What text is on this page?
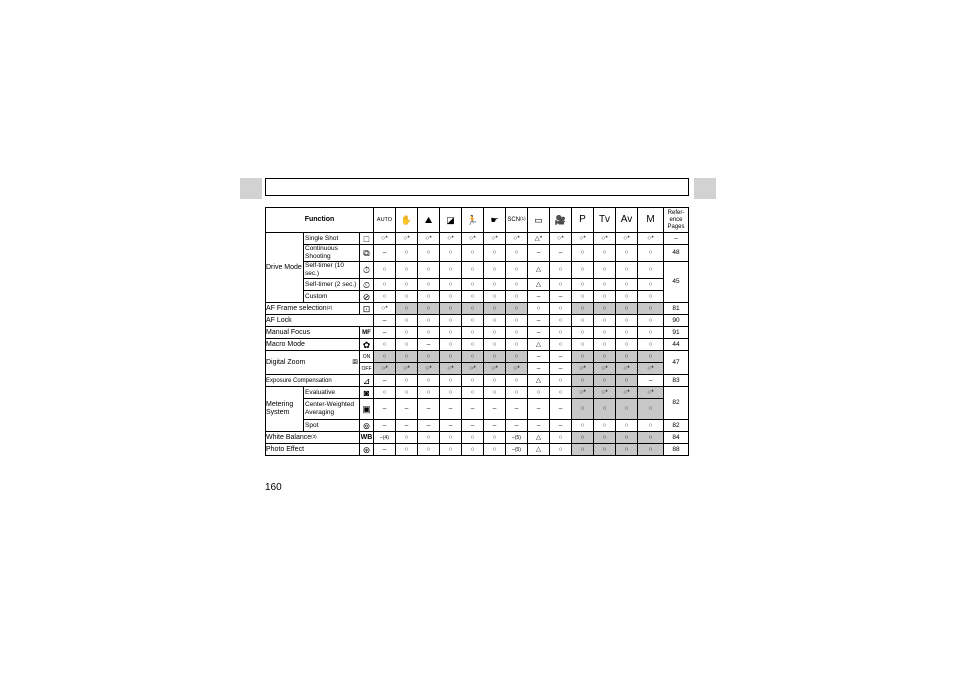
Function			AUTO	✋	⛰	◪	🏃	☛	SCN$^{(1)}$	▭	🎥	P	Tv	Av	M	Refer-ence Pages
Drive Mode	Single Shot	□	○*	○*	○*	○*	○*	○*	○*	△*	○*	○*	○*	○*	○*	–
	Continuous Shooting	⧉	–	○	○	○	○	○	○	–	–	○	○	○	○	48
	Self-timer (10 sec.)	⏱	○	○	○	○	○	○	○	△	○	○	○	○	○	45
	Self-timer (2 sec.)	⏲	○	○	○	○	○	○	○	△	○	○	○	○	○	
	Custom	⊘	○	○	○	○	○	○	○	–	–	○	○	○	○	
AF Frame selection$^{(2)}$		⊡	○*	○	○	○	○	○	○	○	○	○	○	○	○	81
AF Lock			–	○	○	○	○	○	○	–	○	○	○	○	○	90
Manual Focus		MF	–	○	○	○	○	○	○	–	○	○	○	○	○	91
Macro Mode		✿	○	○	–	○	○	○	○	△	○	○	○	○	○	44
Digital Zoom ⧈		ON	○	○	○	○	○	○	○	–	–	○	○	○	○	47
		OFF	○*	○*	○*	○*	○*	○*	○*	–	–	○*	○*	○*	○*	
Exposure Compensation		⊿	–	○	○	○	○	○	○	△	○	○	○	○	–	83
Metering System	Evaluative	◙	○	○	○	○	○	○	○	○	○	○*	○*	○*	○*	82
	Center-Weighted Averaging	▣	–	–	–	–	–	–	–	–	–	○	○	○	○	
	Spot	⊚	–	–	–	–	–	–	–	–	–	○	○	○	○	82
White Balance$^{(3)}$		WB	–(4)	○	○	○	○	○	–(5)	△	○	○	○	○	○	84
Photo Effect		⊛	–	○	○	○	○	○	–(5)	△	○	○	○	○	○	88
160
